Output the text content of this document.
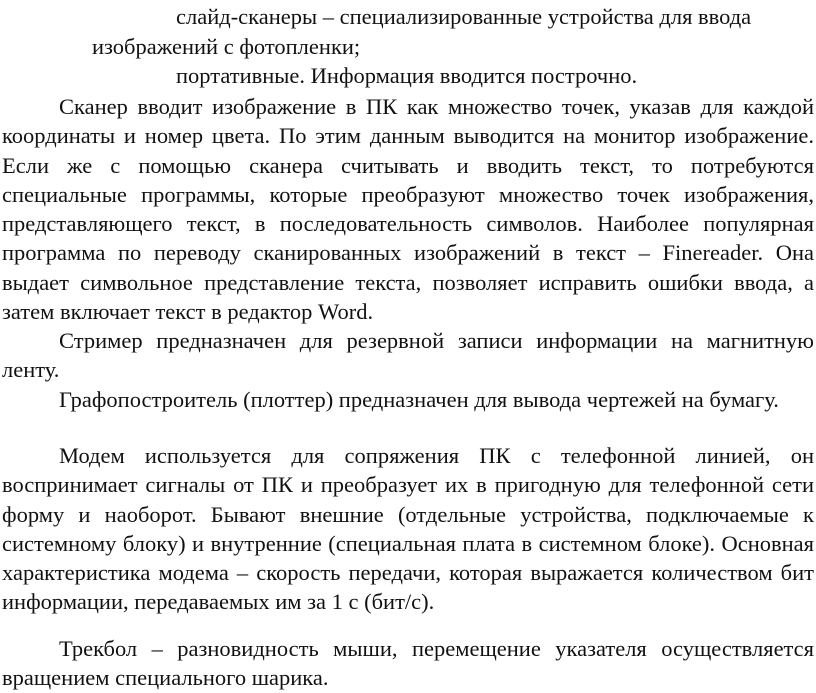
слайд-сканеры – специализированные устройства для ввода
изображений с фотопленки;
портативные. Информация вводится построчно.

Сканер вводит изображение в ПК как множество точек, указав для каждой координаты и номер цвета. По этим данным выводится на монитор изображение. Если же с помощью сканера считывать и вводить текст, то потребуются специальные программы, которые преобразуют множество точек изображения, представляющего текст, в последовательность символов. Наиболее популярная программа по переводу сканированных изображений в текст – Finereader. Она выдает символьное представление текста, позволяет исправить ошибки ввода, а затем включает текст в редактор Word.

Стример предназначен для резервной записи информации на магнитную ленту.

Графопостроитель (плоттер) предназначен для вывода чертежей на бумагу.

Модем используется для сопряжения ПК с телефонной линией, он воспринимает сигналы от ПК и преобразует их в пригодную для телефонной сети форму и наоборот. Бывают внешние (отдельные устройства, подключаемые к системному блоку) и внутренние (специальная плата в системном блоке). Основная характеристика модема – скорость передачи, которая выражается количеством бит информации, передаваемых им за 1 с (бит/с).

Трекбол – разновидность мыши, перемещение указателя осуществляется вращением специального шарика.
